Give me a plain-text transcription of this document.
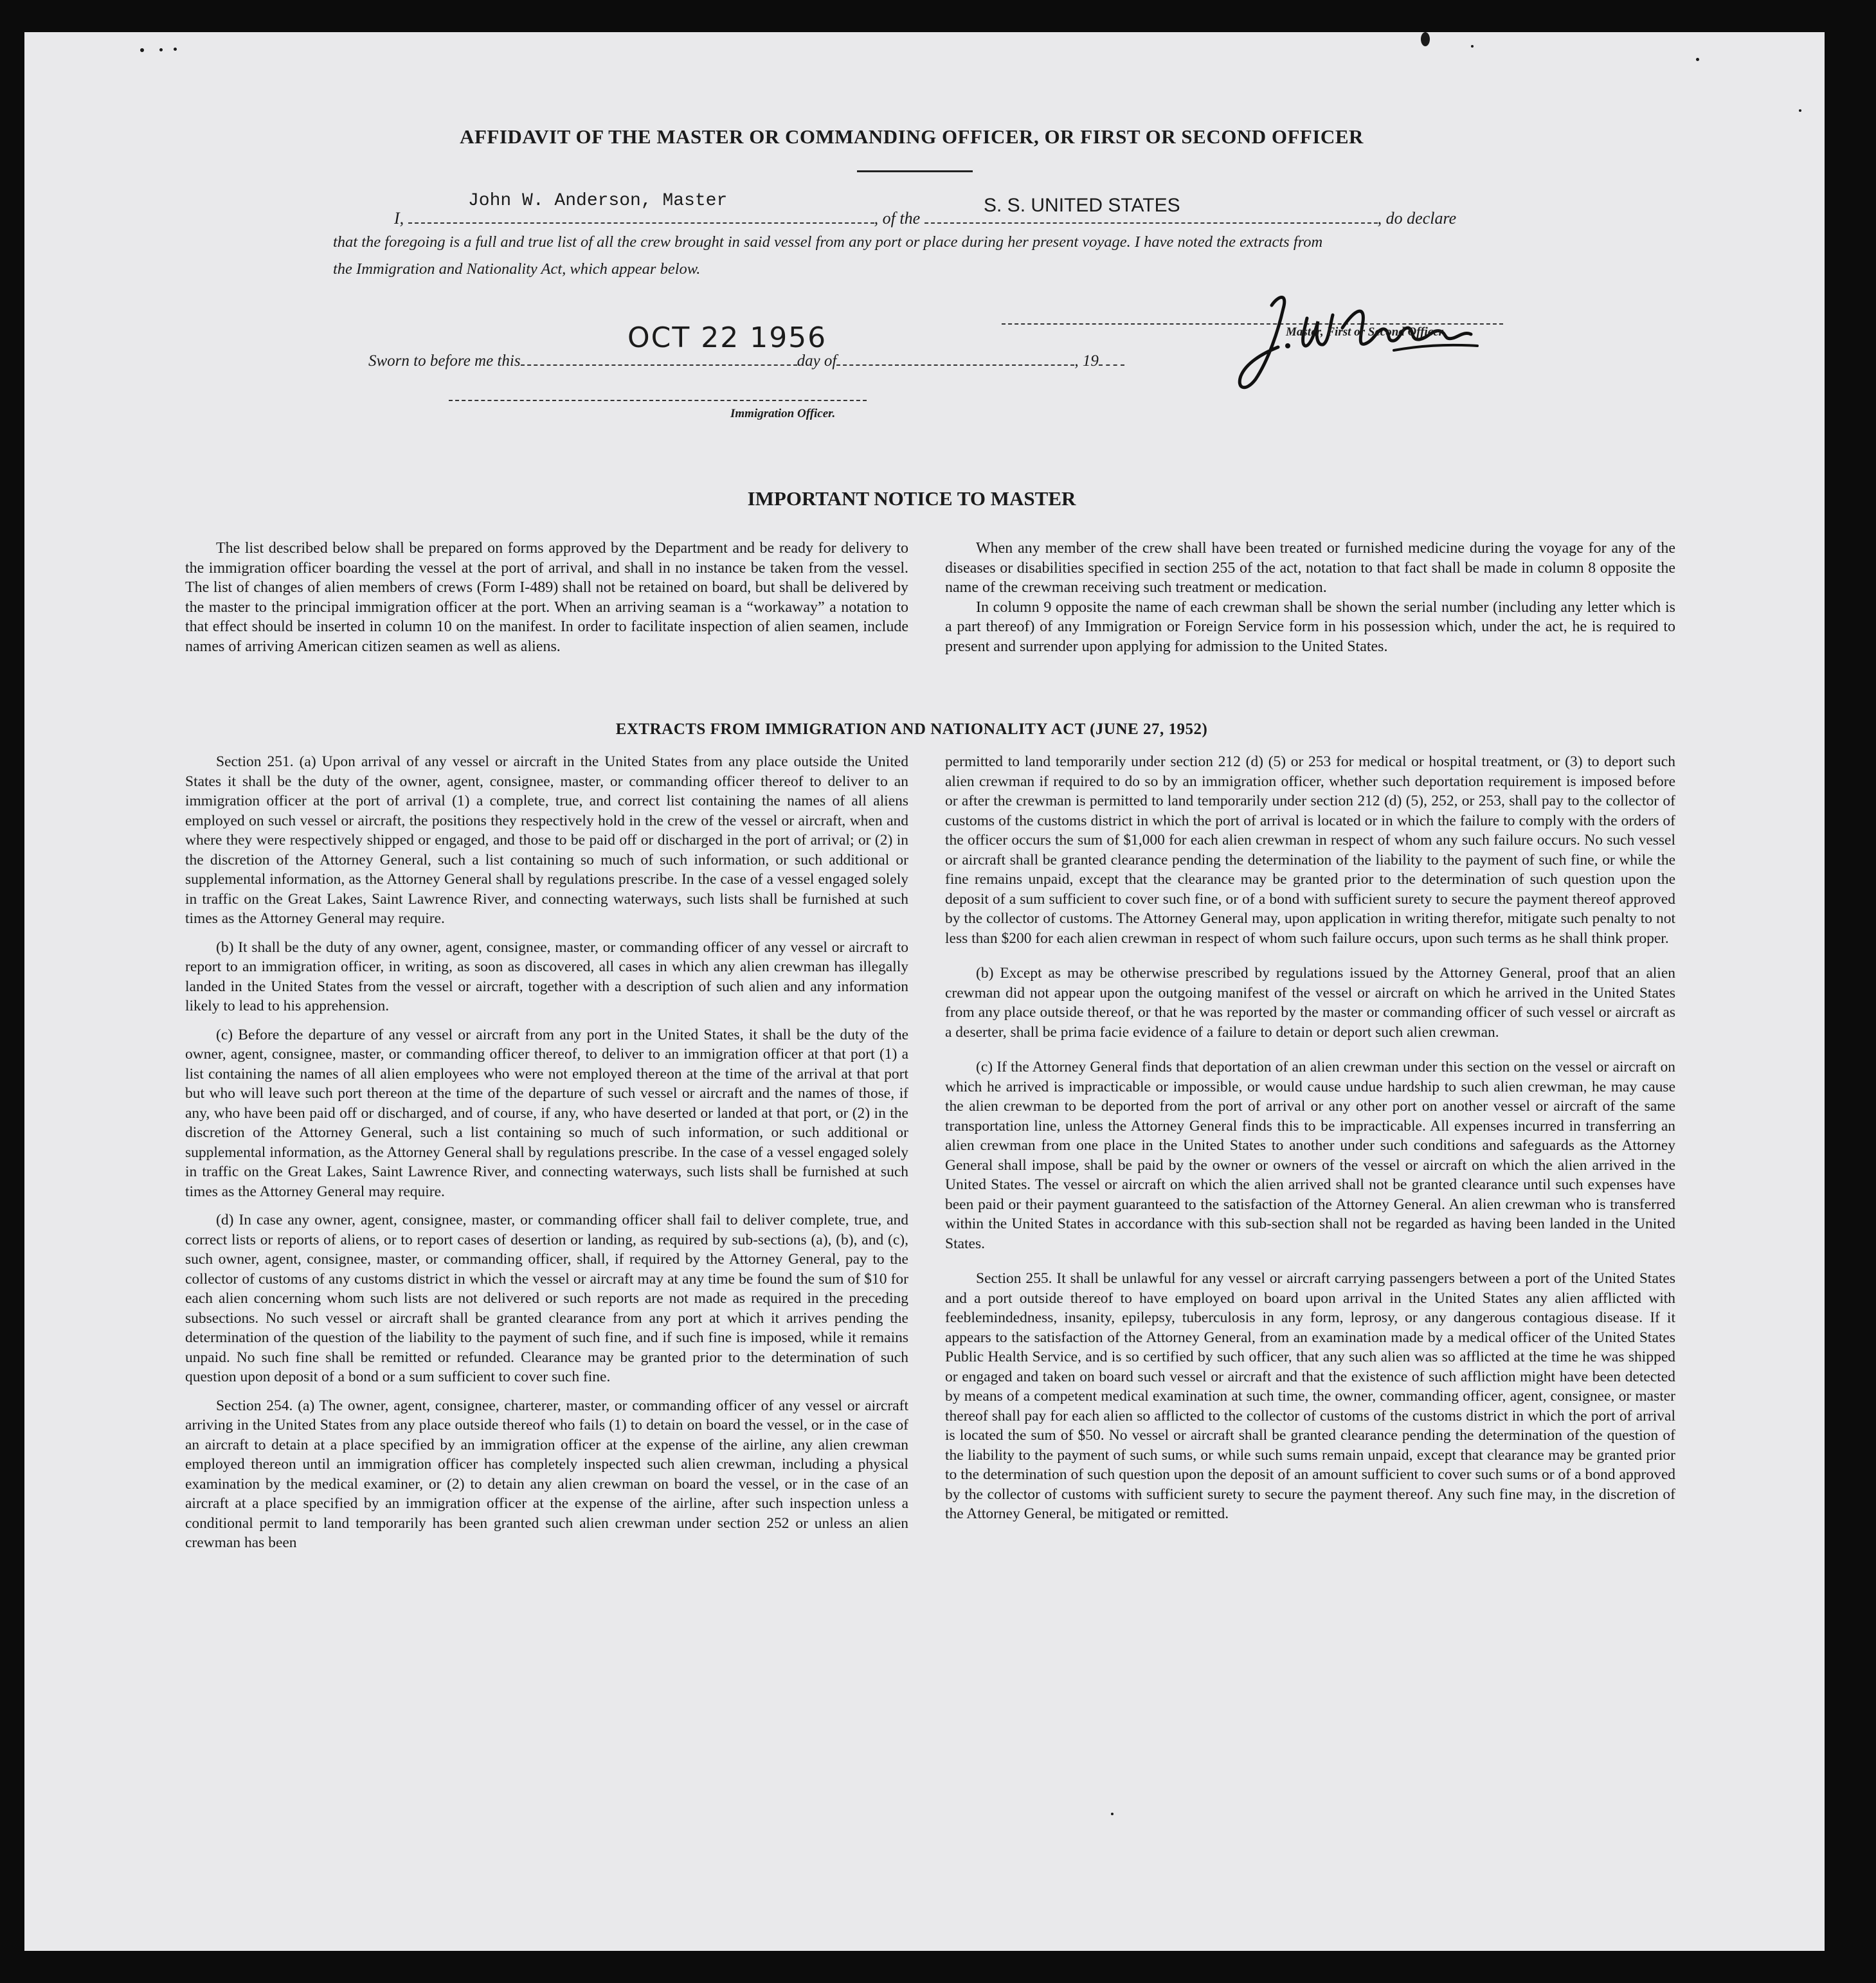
AFFIDAVIT OF THE MASTER OR COMMANDING OFFICER, OR FIRST OR SECOND OFFICER
John W. Anderson, Master	S. S. UNITED STATES
I,	, of the	, do declare
that the foregoing is a full and true list of all the crew brought in said vessel from any port or place during her present voyage. I have noted the extracts from
the Immigration and Nationality Act, which appear below.
Master, First or Second Officer.
OCT 22 1956
Sworn to before me this	day of	, 19
Immigration Officer.
IMPORTANT NOTICE TO MASTER

The list described below shall be prepared on forms approved by the Department and be ready for delivery to the immigration officer boarding the vessel at the port of arrival, and shall in no instance be taken from the vessel. The list of changes of alien members of crews (Form I-489) shall not be retained on board, but shall be delivered by the master to the principal immigration officer at the port. When an arriving seaman is a “workaway” a notation to that effect should be inserted in column 10 on the manifest. In order to facilitate inspection of alien seamen, include names of arriving American citizen seamen as well as aliens.

When any member of the crew shall have been treated or furnished medicine during the voyage for any of the diseases or disabilities specified in section 255 of the act, notation to that fact shall be made in column 8 opposite the name of the crewman receiving such treatment or medication.

In column 9 opposite the name of each crewman shall be shown the serial number (including any letter which is a part thereof) of any Immigration or Foreign Service form in his possession which, under the act, he is required to present and surrender upon applying for admission to the United States.

EXTRACTS FROM IMMIGRATION AND NATIONALITY ACT (JUNE 27, 1952)

Section 251. (a) Upon arrival of any vessel or aircraft in the United States from any place outside the United States it shall be the duty of the owner, agent, consignee, master, or commanding officer thereof to deliver to an immigration officer at the port of arrival (1) a complete, true, and correct list containing the names of all aliens employed on such vessel or aircraft, the positions they respectively hold in the crew of the vessel or aircraft, when and where they were respectively shipped or engaged, and those to be paid off or discharged in the port of arrival; or (2) in the discretion of the Attorney General, such a list containing so much of such information, or such additional or supplemental information, as the Attorney General shall by regulations prescribe. In the case of a vessel engaged solely in traffic on the Great Lakes, Saint Lawrence River, and connecting waterways, such lists shall be furnished at such times as the Attorney General may require.

(b) It shall be the duty of any owner, agent, consignee, master, or commanding officer of any vessel or aircraft to report to an immigration officer, in writing, as soon as discovered, all cases in which any alien crewman has illegally landed in the United States from the vessel or aircraft, together with a description of such alien and any information likely to lead to his apprehension.

(c) Before the departure of any vessel or aircraft from any port in the United States, it shall be the duty of the owner, agent, consignee, master, or commanding officer thereof, to deliver to an immigration officer at that port (1) a list containing the names of all alien employees who were not employed thereon at the time of the arrival at that port but who will leave such port thereon at the time of the departure of such vessel or aircraft and the names of those, if any, who have been paid off or discharged, and of course, if any, who have deserted or landed at that port, or (2) in the discretion of the Attorney General, such a list containing so much of such information, or such additional or supplemental information, as the Attorney General shall by regulations prescribe. In the case of a vessel engaged solely in traffic on the Great Lakes, Saint Lawrence River, and connecting waterways, such lists shall be furnished at such times as the Attorney General may require.

(d) In case any owner, agent, consignee, master, or commanding officer shall fail to deliver complete, true, and correct lists or reports of aliens, or to report cases of desertion or landing, as required by sub-sections (a), (b), and (c), such owner, agent, consignee, master, or commanding officer, shall, if required by the Attorney General, pay to the collector of customs of any customs district in which the vessel or aircraft may at any time be found the sum of $10 for each alien concerning whom such lists are not delivered or such reports are not made as required in the preceding subsections. No such vessel or aircraft shall be granted clearance from any port at which it arrives pending the determination of the question of the liability to the payment of such fine, and if such fine is imposed, while it remains unpaid. No such fine shall be remitted or refunded. Clearance may be granted prior to the determination of such question upon deposit of a bond or a sum sufficient to cover such fine.

Section 254. (a) The owner, agent, consignee, charterer, master, or commanding officer of any vessel or aircraft arriving in the United States from any place outside thereof who fails (1) to detain on board the vessel, or in the case of an aircraft to detain at a place specified by an immigration officer at the expense of the airline, any alien crewman employed thereon until an immigration officer has completely inspected such alien crewman, including a physical examination by the medical examiner, or (2) to detain any alien crewman on board the vessel, or in the case of an aircraft at a place specified by an immigration officer at the expense of the airline, after such inspection unless a conditional permit to land temporarily has been granted such alien crewman under section 252 or unless an alien crewman has been

permitted to land temporarily under section 212 (d) (5) or 253 for medical or hospital treatment, or (3) to deport such alien crewman if required to do so by an immigration officer, whether such deportation requirement is imposed before or after the crewman is permitted to land temporarily under section 212 (d) (5), 252, or 253, shall pay to the collector of customs of the customs district in which the port of arrival is located or in which the failure to comply with the orders of the officer occurs the sum of $1,000 for each alien crewman in respect of whom any such failure occurs. No such vessel or aircraft shall be granted clearance pending the determination of the liability to the payment of such fine, or while the fine remains unpaid, except that the clearance may be granted prior to the determination of such question upon the deposit of a sum sufficient to cover such fine, or of a bond with sufficient surety to secure the payment thereof approved by the collector of customs. The Attorney General may, upon application in writing therefor, mitigate such penalty to not less than $200 for each alien crewman in respect of whom such failure occurs, upon such terms as he shall think proper.

(b) Except as may be otherwise prescribed by regulations issued by the Attorney General, proof that an alien crewman did not appear upon the outgoing manifest of the vessel or aircraft on which he arrived in the United States from any place outside thereof, or that he was reported by the master or commanding officer of such vessel or aircraft as a deserter, shall be prima facie evidence of a failure to detain or deport such alien crewman.

(c) If the Attorney General finds that deportation of an alien crewman under this section on the vessel or aircraft on which he arrived is impracticable or impossible, or would cause undue hardship to such alien crewman, he may cause the alien crewman to be deported from the port of arrival or any other port on another vessel or aircraft of the same transportation line, unless the Attorney General finds this to be impracticable. All expenses incurred in transferring an alien crewman from one place in the United States to another under such conditions and safeguards as the Attorney General shall impose, shall be paid by the owner or owners of the vessel or aircraft on which the alien arrived in the United States. The vessel or aircraft on which the alien arrived shall not be granted clearance until such expenses have been paid or their payment guaranteed to the satisfaction of the Attorney General. An alien crewman who is transferred within the United States in accordance with this sub-section shall not be regarded as having been landed in the United States.

Section 255. It shall be unlawful for any vessel or aircraft carrying passengers between a port of the United States and a port outside thereof to have employed on board upon arrival in the United States any alien afflicted with feeblemindedness, insanity, epilepsy, tuberculosis in any form, leprosy, or any dangerous contagious disease. If it appears to the satisfaction of the Attorney General, from an examination made by a medical officer of the United States Public Health Service, and is so certified by such officer, that any such alien was so afflicted at the time he was shipped or engaged and taken on board such vessel or aircraft and that the existence of such affliction might have been detected by means of a competent medical examination at such time, the owner, commanding officer, agent, consignee, or master thereof shall pay for each alien so afflicted to the collector of customs of the customs district in which the port of arrival is located the sum of $50. No vessel or aircraft shall be granted clearance pending the determination of the question of the liability to the payment of such sums, or while such sums remain unpaid, except that clearance may be granted prior to the determination of such question upon the deposit of an amount sufficient to cover such sums or of a bond approved by the collector of customs with sufficient surety to secure the payment thereof. Any such fine may, in the discretion of the Attorney General, be mitigated or remitted.
